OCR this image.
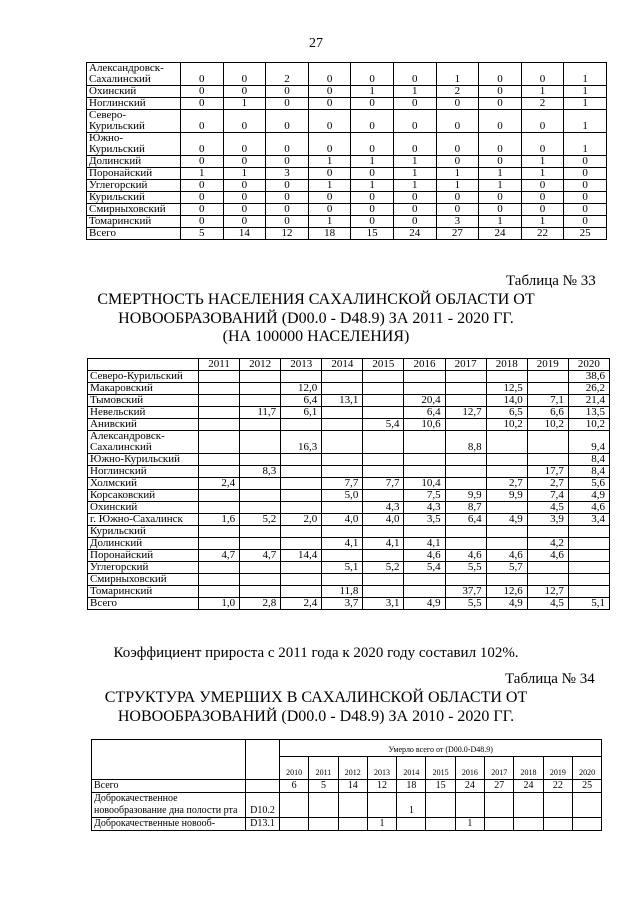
27
Александровск-Сахалинский	0	0	2	0	0	0	1	0	0	1
Охинский	0	0	0	0	1	1	2	0	1	1
Ноглинский	0	1	0	0	0	0	0	0	2	1
Северо-Курильский	0	0	0	0	0	0	0	0	0	1
Южно-Курильский	0	0	0	0	0	0	0	0	0	1
Долинский	0	0	0	1	1	1	0	0	1	0
Поронайский	1	1	3	0	0	1	1	1	1	0
Углегорский	0	0	0	1	1	1	1	1	0	0
Курильский	0	0	0	0	0	0	0	0	0	0
Смирныховский	0	0	0	0	0	0	0	0	0	0
Томаринский	0	0	0	1	0	0	3	1	1	0
Всего	5	14	12	18	15	24	27	24	22	25
Таблица № 33
СМЕРТНОСТЬ НАСЕЛЕНИЯ САХАЛИНСКОЙ ОБЛАСТИ ОТ
НОВООБРАЗОВАНИЙ (D00.0 - D48.9) ЗА 2011 - 2020 ГГ.
(НА 100000 НАСЕЛЕНИЯ)
	2011	2012	2013	2014	2015	2016	2017	2018	2019	2020
Северо-Курильский										38,6
Макаровский			12,0					12,5		26,2
Тымовский			6,4	13,1		20,4		14,0	7,1	21,4
Невельский		11,7	6,1			6,4	12,7	6,5	6,6	13,5
Анивский					5,4	10,6		10,2	10,2	10,2
Александровск-Сахалинский			16,3				8,8			9,4
Южно-Курильский										8,4
Ноглинский		8,3							17,7	8,4
Холмский	2,4			7,7	7,7	10,4		2,7	2,7	5,6
Корсаковский				5,0		7,5	9,9	9,9	7,4	4,9
Охинский					4,3	4,3	8,7		4,5	4,6
г. Южно-Сахалинск	1,6	5,2	2,0	4,0	4,0	3,5	6,4	4,9	3,9	3,4
Курильский										
Долинский				4,1	4,1	4,1			4,2	
Поронайский	4,7	4,7	14,4			4,6	4,6	4,6	4,6	
Углегорский				5,1	5,2	5,4	5,5	5,7		
Смирныховский										
Томаринский				11,8			37,7	12,6	12,7	
Всего	1,0	2,8	2,4	3,7	3,1	4,9	5,5	4,9	4,5	5,1
Коэффициент прироста с 2011 года к 2020 году составил 102%.
Таблица № 34
СТРУКТУРА УМЕРШИХ В САХАЛИНСКОЙ ОБЛАСТИ ОТ
НОВООБРАЗОВАНИЙ (D00.0 - D48.9) ЗА 2010 - 2020 ГГ.
		Умерло всего от (D00.0-D48.9)										
		2010	2011	2012	2013	2014	2015	2016	2017	2018	2019	2020
Всего		6	5	14	12	18	15	24	27	24	22	25
Доброкачественное новообразование дна полости рта	D10.2					1						
Доброкачественные новооб-	D13.1				1			1				
